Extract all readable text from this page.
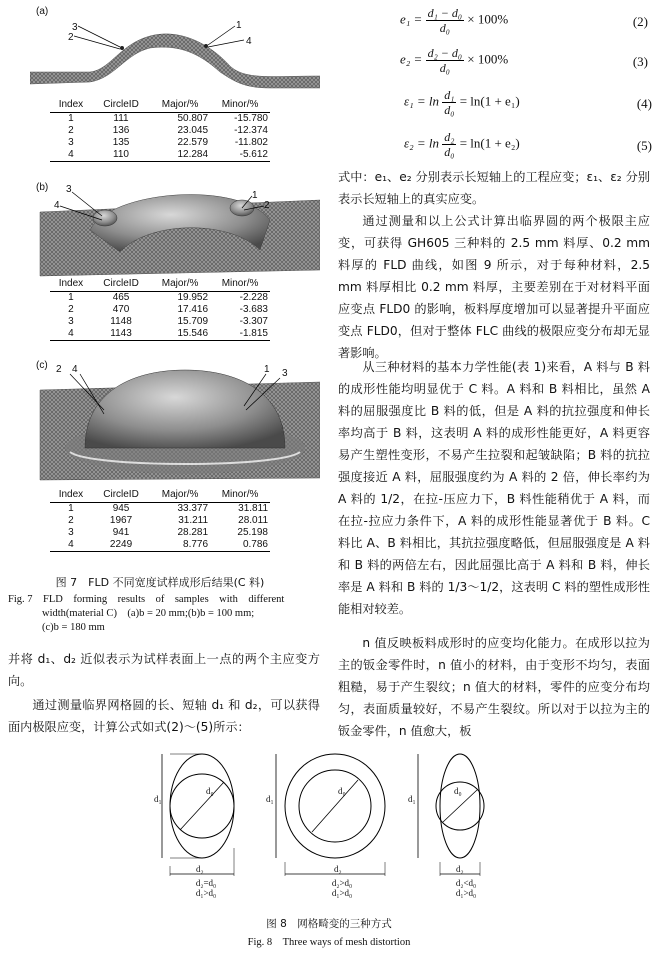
(a)
3
2
1
4
Index	CircleID	Major/%	Minor/%
1	111	50.807	-15.780
2	136	23.045	-12.374
3	135	22.579	-11.802
4	110	12.284	-5.612
(b) 3
4
1
2
Index	CircleID	Major/%	Minor/%
1	465	19.952	-2.228
2	470	17.416	-3.683
3	1148	15.709	-3.307
4	1143	15.546	-1.815
(c) 2 4	1 3
Index	CircleID	Major/%	Minor/%
1	945	33.377	31.811
2	1967	31.211	28.011
3	941	28.281	25.198
4	2249	8.776	0.786
图 7　FLD 不同宽度试样成形后结果(C 料)
Fig. 7　FLD　forming　results　of　samples　with　different
width(material C)　(a)b = 20 mm;(b)b = 100 mm;
(c)b = 180 mm
并将 d₁、d₂ 近似表示为试样表面上一点的两个主应变方向。
通过测量临界网格圆的长、短轴 d₁ 和 d₂，可以获得面内极限应变，计算公式如式(2)～(5)所示：
$e_1 = \frac{\text{d₁ − d₀}}{\text{d₀}} \times 100\%$	(2)
$e_2 = \frac{\text{d₂ − d₀}}{\text{d₀}} \times 100\%$	(3)
$\varepsilon_1 = \ln \frac{\text{d₁}}{\text{d₀}} = \ln(1 + e_1)$	(4)
$\varepsilon_2 = \ln \frac{\text{d₂}}{\text{d₀}} = \ln(1 + e_2)$	(5)
式中：e₁、e₂ 分别表示长短轴上的工程应变；ε₁、ε₂ 分别表示长短轴上的真实应变。
通过测量和以上公式计算出临界圆的两个极限主应变，可获得 GH605 三种料的 2.5 mm 料厚、0.2 mm 料厚的 FLD 曲线，如图 9 所示，对于每种材料，2.5 mm 料厚相比 0.2 mm 料厚，主要差别在于对材料平面应变点 FLD0 的影响，板料厚度增加可以显著提升平面应变点 FLD0，但对于整体 FLC 曲线的极限应变分布却无显著影响。
从三种材料的基本力学性能(表 1)来看，A 料与 B 料的成形性能均明显优于 C 料。A 料和 B 料相比，虽然 A 料的屈服强度比 B 料的低，但是 A 料的抗拉强度和伸长率均高于 B 料，这表明 A 料的成形性能更好，A 料更容易产生塑性变形，不易产生拉裂和起皱缺陷；B 料的抗拉强度接近 A 料，屈服强度约为 A 料的 2 倍，伸长率约为 A 料的 1/2，在拉-压应力下，B 料性能稍优于 A 料，而在拉-拉应力条件下，A 料的成形性能显著优于 B 料。C 料比 A、B 料相比，其抗拉强度略低，但屈服强度是 A 料和 B 料的两倍左右，因此屈强比高于 A 料和 B 料，伸长率是 A 料和 B 料的 1/3～1/2，这表明 C 料的塑性成形性能相对较差。
n 值反映板料成形时的应变均化能力。在成形以拉为主的钣金零件时，n 值小的材料，由于变形不均匀，表面粗糙，易于产生裂纹；n 值大的材料，零件的应变分布均匀，表面质量较好，不易产生裂纹。所以对于以拉为主的钣金零件，n 值愈大，板
d₁
d₀
d₂
d₁
d₀
d₂
d₁
d₀
d₂
d₂=d₀
d₁>d₀
d₂>d₀
d₁>d₀
d₂<d₀
d₁>d₀
图 8　网格畸变的三种方式
Fig. 8　Three ways of mesh distortion
